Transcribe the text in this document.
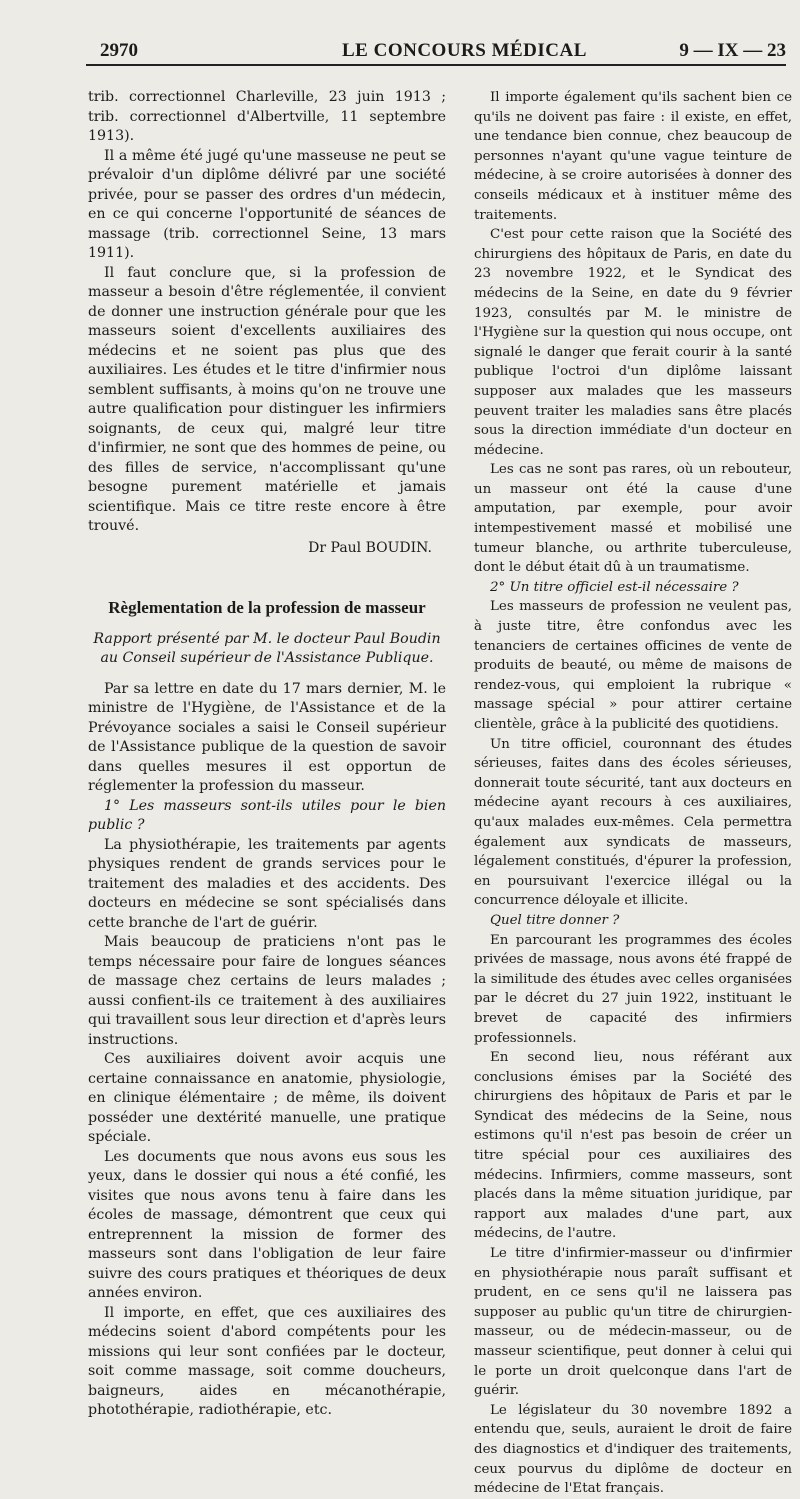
2970	LE CONCOURS MÉDICAL	9 — IX — 23

trib. correctionnel Charleville, 23 juin 1913 ; trib. correctionnel d'Albertville, 11 septembre 1913).

Il a même été jugé qu'une masseuse ne peut se prévaloir d'un diplôme délivré par une société privée, pour se passer des ordres d'un médecin, en ce qui concerne l'opportunité de séances de massage (trib. correctionnel Seine, 13 mars 1911).

Il faut conclure que, si la profession de masseur a besoin d'être réglementée, il convient de donner une instruction générale pour que les masseurs soient d'excellents auxiliaires des médecins et ne soient pas plus que des auxiliaires. Les études et le titre d'infirmier nous semblent suffisants, à moins qu'on ne trouve une autre qualification pour distinguer les infirmiers soignants, de ceux qui, malgré leur titre d'infirmier, ne sont que des hommes de peine, ou des filles de service, n'accomplissant qu'une besogne purement matérielle et jamais scientifique. Mais ce titre reste encore à être trouvé.

Dr Paul BOUDIN.
Règlementation de la profession de masseur
Rapport présenté par M. le docteur Paul Boudin au Conseil supérieur de l'Assistance Publique.

Par sa lettre en date du 17 mars dernier, M. le ministre de l'Hygiène, de l'Assistance et de la Prévoyance sociales a saisi le Conseil supérieur de l'Assistance publique de la question de savoir dans quelles mesures il est opportun de réglementer la profession du masseur.

1° Les masseurs sont-ils utiles pour le bien public ?

La physiothérapie, les traitements par agents physiques rendent de grands services pour le traitement des maladies et des accidents. Des docteurs en médecine se sont spécialisés dans cette branche de l'art de guérir.

Mais beaucoup de praticiens n'ont pas le temps nécessaire pour faire de longues séances de massage chez certains de leurs malades ; aussi confient-ils ce traitement à des auxiliaires qui travaillent sous leur direction et d'après leurs instructions.

Ces auxiliaires doivent avoir acquis une certaine connaissance en anatomie, physiologie, en clinique élémentaire ; de même, ils doivent posséder une dextérité manuelle, une pratique spéciale.

Les documents que nous avons eus sous les yeux, dans le dossier qui nous a été confié, les visites que nous avons tenu à faire dans les écoles de massage, démontrent que ceux qui entreprennent la mission de former des masseurs sont dans l'obligation de leur faire suivre des cours pratiques et théoriques de deux années environ.

Il importe, en effet, que ces auxiliaires des médecins soient d'abord compétents pour les missions qui leur sont confiées par le docteur, soit comme massage, soit comme doucheurs, baigneurs, aides en mécanothérapie, photothérapie, radiothérapie, etc.

Il importe également qu'ils sachent bien ce qu'ils ne doivent pas faire : il existe, en effet, une tendance bien connue, chez beaucoup de personnes n'ayant qu'une vague teinture de médecine, à se croire autorisées à donner des conseils médicaux et à instituer même des traitements.

C'est pour cette raison que la Société des chirurgiens des hôpitaux de Paris, en date du 23 novembre 1922, et le Syndicat des médecins de la Seine, en date du 9 février 1923, consultés par M. le ministre de l'Hygiène sur la question qui nous occupe, ont signalé le danger que ferait courir à la santé publique l'octroi d'un diplôme laissant supposer aux malades que les masseurs peuvent traiter les maladies sans être placés sous la direction immédiate d'un docteur en médecine.

Les cas ne sont pas rares, où un rebouteur, un masseur ont été la cause d'une amputation, par exemple, pour avoir intempestivement massé et mobilisé une tumeur blanche, ou arthrite tuberculeuse, dont le début était dû à un traumatisme.

2° Un titre officiel est-il nécessaire ?

Les masseurs de profession ne veulent pas, à juste titre, être confondus avec les tenanciers de certaines officines de vente de produits de beauté, ou même de maisons de rendez-vous, qui emploient la rubrique « massage spécial » pour attirer certaine clientèle, grâce à la publicité des quotidiens.

Un titre officiel, couronnant des études sérieuses, faites dans des écoles sérieuses, donnerait toute sécurité, tant aux docteurs en médecine ayant recours à ces auxiliaires, qu'aux malades eux-mêmes. Cela permettra également aux syndicats de masseurs, légalement constitués, d'épurer la profession, en poursuivant l'exercice illégal ou la concurrence déloyale et illicite.

Quel titre donner ?

En parcourant les programmes des écoles privées de massage, nous avons été frappé de la similitude des études avec celles organisées par le décret du 27 juin 1922, instituant le brevet de capacité des infirmiers professionnels.

En second lieu, nous référant aux conclusions émises par la Société des chirurgiens des hôpitaux de Paris et par le Syndicat des médecins de la Seine, nous estimons qu'il n'est pas besoin de créer un titre spécial pour ces auxiliaires des médecins. Infirmiers, comme masseurs, sont placés dans la même situation juridique, par rapport aux malades d'une part, aux médecins, de l'autre.

Le titre d'infirmier-masseur ou d'infirmier en physiothérapie nous paraît suffisant et prudent, en ce sens qu'il ne laissera pas supposer au public qu'un titre de chirurgien-masseur, ou de médecin-masseur, ou de masseur scientifique, peut donner à celui qui le porte un droit quelconque dans l'art de guérir.

Le législateur du 30 novembre 1892 a entendu que, seuls, auraient le droit de faire des diagnostics et d'indiquer des traitements, ceux pourvus du diplôme de docteur en médecine de l'Etat français.
